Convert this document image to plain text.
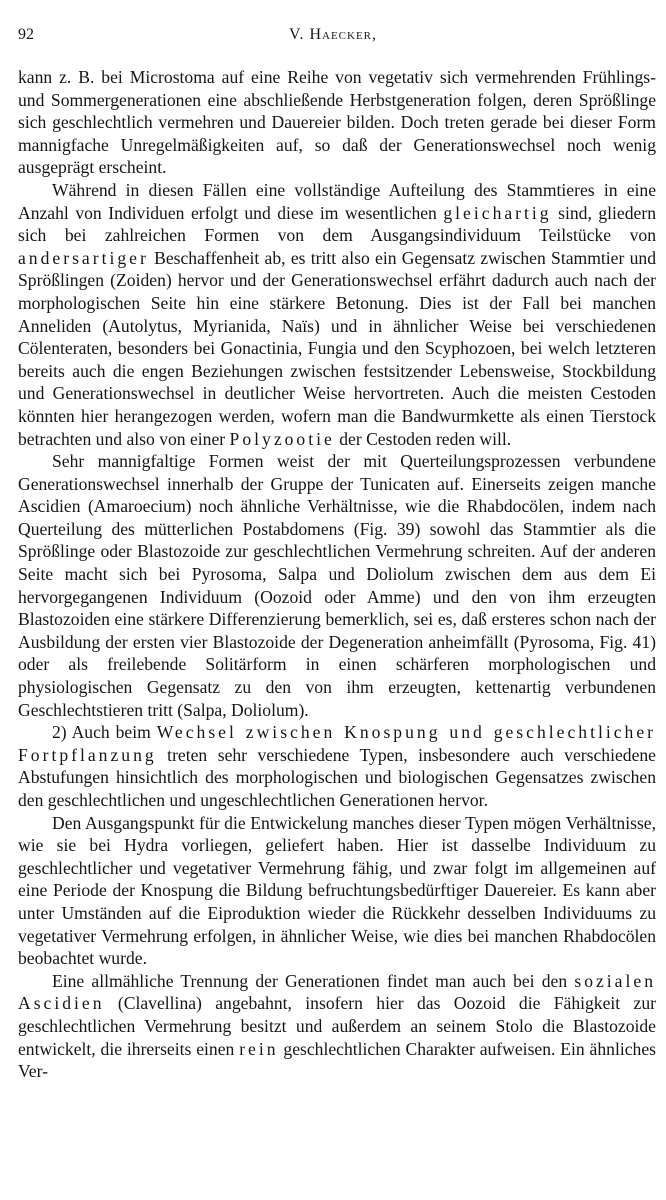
92	V. Haecker,

kann z. B. bei Microstoma auf eine Reihe von vegetativ sich vermehrenden Frühlings- und Sommergenerationen eine abschließende Herbstgeneration folgen, deren Sprößlinge sich geschlechtlich vermehren und Dauereier bilden. Doch treten gerade bei dieser Form mannigfache Unregelmäßigkeiten auf, so daß der Generationswechsel noch wenig ausgeprägt erscheint.

Während in diesen Fällen eine vollständige Aufteilung des Stammtieres in eine Anzahl von Individuen erfolgt und diese im wesentlichen gleichartig sind, gliedern sich bei zahlreichen Formen von dem Ausgangsindividuum Teilstücke von andersartiger Beschaffenheit ab, es tritt also ein Gegensatz zwischen Stammtier und Sprößlingen (Zoiden) hervor und der Generationswechsel erfährt dadurch auch nach der morphologischen Seite hin eine stärkere Betonung. Dies ist der Fall bei manchen Anneliden (Autolytus, Myrianida, Naïs) und in ähnlicher Weise bei verschiedenen Cölenteraten, besonders bei Gonactinia, Fungia und den Scyphozoen, bei welch letzteren bereits auch die engen Beziehungen zwischen festsitzender Lebensweise, Stockbildung und Generationswechsel in deutlicher Weise hervortreten. Auch die meisten Cestoden könnten hier herangezogen werden, wofern man die Bandwurmkette als einen Tierstock betrachten und also von einer Polyzootie der Cestoden reden will.

Sehr mannigfaltige Formen weist der mit Querteilungsprozessen verbundene Generationswechsel innerhalb der Gruppe der Tunicaten auf. Einerseits zeigen manche Ascidien (Amaroecium) noch ähnliche Verhältnisse, wie die Rhabdocölen, indem nach Querteilung des mütterlichen Postabdomens (Fig. 39) sowohl das Stammtier als die Sprößlinge oder Blastozoide zur geschlechtlichen Vermehrung schreiten. Auf der anderen Seite macht sich bei Pyrosoma, Salpa und Doliolum zwischen dem aus dem Ei hervorgegangenen Individuum (Oozoid oder Amme) und den von ihm erzeugten Blastozoiden eine stärkere Differenzierung bemerklich, sei es, daß ersteres schon nach der Ausbildung der ersten vier Blastozoide der Degeneration anheimfällt (Pyrosoma, Fig. 41) oder als freilebende Solitärform in einen schärferen morphologischen und physiologischen Gegensatz zu den von ihm erzeugten, kettenartig verbundenen Geschlechtstieren tritt (Salpa, Doliolum).

2) Auch beim Wechsel zwischen Knospung und geschlechtlicher Fortpflanzung treten sehr verschiedene Typen, insbesondere auch verschiedene Abstufungen hinsichtlich des morphologischen und biologischen Gegensatzes zwischen den geschlechtlichen und ungeschlechtlichen Generationen hervor.

Den Ausgangspunkt für die Entwickelung manches dieser Typen mögen Verhältnisse, wie sie bei Hydra vorliegen, geliefert haben. Hier ist dasselbe Individuum zu geschlechtlicher und vegetativer Vermehrung fähig, und zwar folgt im allgemeinen auf eine Periode der Knospung die Bildung befruchtungsbedürftiger Dauereier. Es kann aber unter Umständen auf die Eiproduktion wieder die Rückkehr desselben Individuums zu vegetativer Vermehrung erfolgen, in ähnlicher Weise, wie dies bei manchen Rhabdocölen beobachtet wurde.

Eine allmähliche Trennung der Generationen findet man auch bei den sozialen Ascidien (Clavellina) angebahnt, insofern hier das Oozoid die Fähigkeit zur geschlechtlichen Vermehrung besitzt und außerdem an seinem Stolo die Blastozoide entwickelt, die ihrerseits einen rein geschlechtlichen Charakter aufweisen. Ein ähnliches Ver-
